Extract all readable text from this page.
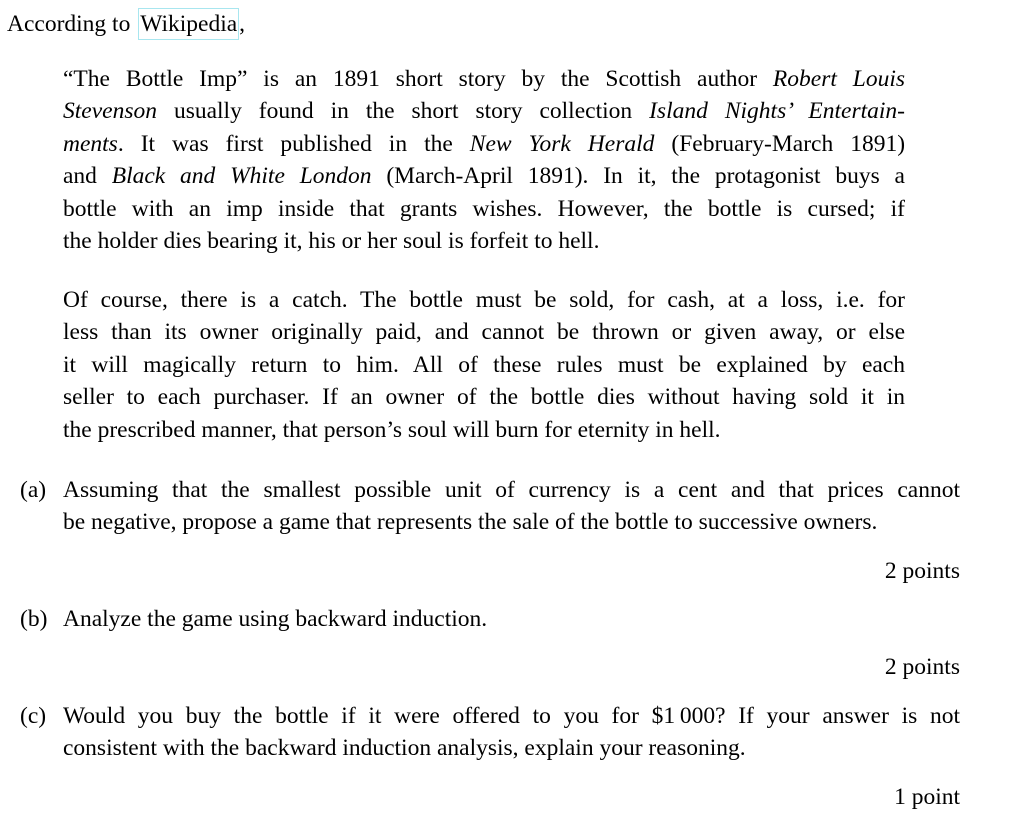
According to Wikipedia,

“The Bottle Imp” is an 1891 short story by the Scottish author Robert Louis
Stevenson usually found in the short story collection Island Nights’ Entertain-
ments. It was first published in the New York Herald (February-March 1891)
and Black and White London (March-April 1891). In it, the protagonist buys a
bottle with an imp inside that grants wishes. However, the bottle is cursed; if
the holder dies bearing it, his or her soul is forfeit to hell.
Of course, there is a catch. The bottle must be sold, for cash, at a loss, i.e. for
less than its owner originally paid, and cannot be thrown or given away, or else
it will magically return to him. All of these rules must be explained by each
seller to each purchaser. If an owner of the bottle dies without having sold it in
the prescribed manner, that person’s soul will burn for eternity in hell.
(a) Assuming that the smallest possible unit of currency is a cent and that prices cannot
be negative, propose a game that represents the sale of the bottle to successive owners.
2 points
(b) Analyze the game using backward induction.
2 points
(c) Would you buy the bottle if it were offered to you for $1 000? If your answer is not
consistent with the backward induction analysis, explain your reasoning.
1 point
